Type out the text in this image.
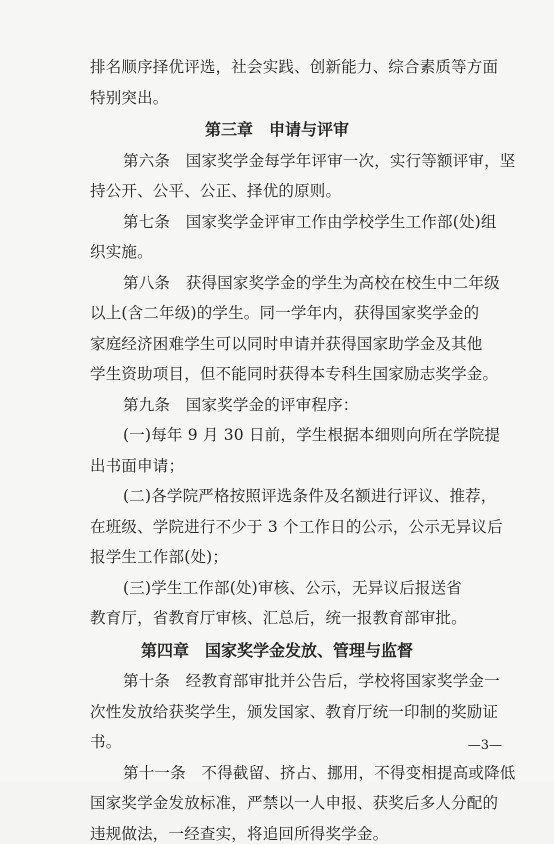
排名顺序择优评选，社会实践、创新能力、综合素质等方面
特别突出。
第三章　申请与评审
第六条　国家奖学金每学年评审一次，实行等额评审，坚
持公开、公平、公正、择优的原则。
第七条　国家奖学金评审工作由学校学生工作部(处)组
织实施。
第八条　获得国家奖学金的学生为高校在校生中二年级
以上(含二年级)的学生。同一学年内，获得国家奖学金的
家庭经济困难学生可以同时申请并获得国家助学金及其他
学生资助项目，但不能同时获得本专科生国家励志奖学金。
第九条　国家奖学金的评审程序：
(一)每年 9 月 30 日前，学生根据本细则向所在学院提
出书面申请；
(二)各学院严格按照评选条件及名额进行评议、推荐，
在班级、学院进行不少于 3 个工作日的公示，公示无异议后
报学生工作部(处)；
(三)学生工作部(处)审核、公示，无异议后报送省
教育厅，省教育厅审核、汇总后，统一报教育部审批。
第四章　国家奖学金发放、管理与监督
第十条　经教育部审批并公告后，学校将国家奖学金一
次性发放给获奖学生，颁发国家、教育厅统一印制的奖励证
书。
第十一条　不得截留、挤占、挪用，不得变相提高或降低
国家奖学金发放标准，严禁以一人申报、获奖后多人分配的
违规做法，一经查实，将追回所得奖学金。
—3—
